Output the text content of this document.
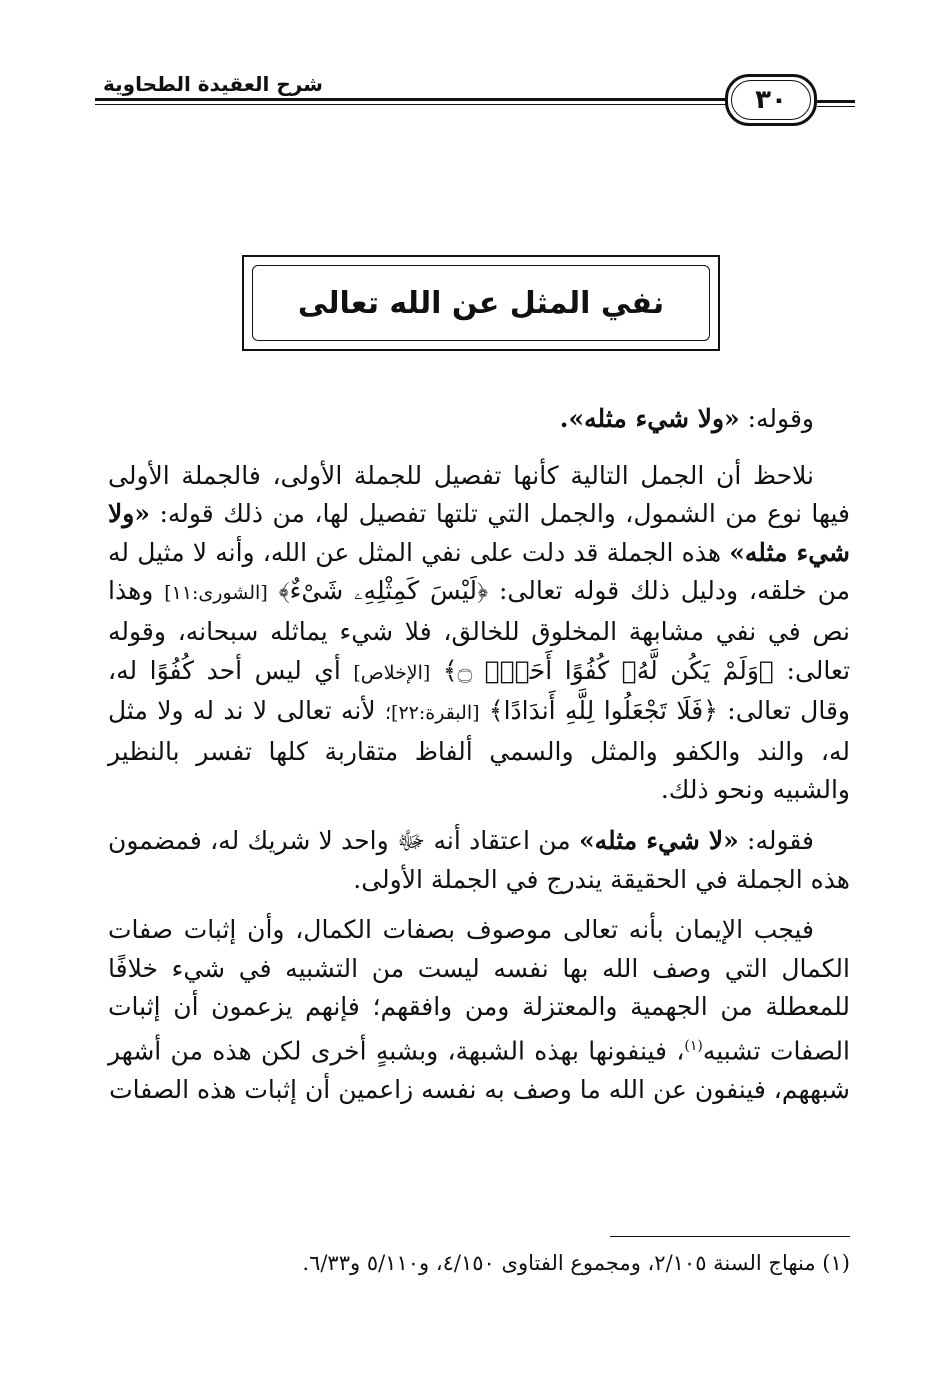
شرح العقيدة الطحاوية
٣٠
نفي المثل عن الله تعالى

وقوله: «ولا شيء مثله».

نلاحظ أن الجمل التالية كأنها تفصيل للجملة الأولى، فالجملة الأولى فيها نوع من الشمول، والجمل التي تلتها تفصيل لها، من ذلك قوله: «ولا شيء مثله» هذه الجملة قد دلت على نفي المثل عن الله، وأنه لا مثيل له من خلقه، ودليل ذلك قوله تعالى: ﴿لَيْسَ كَمِثْلِهِۦ شَىْءٌ﴾ [الشورى:١١] وهذا نص في نفي مشابهة المخلوق للخالق، فلا شيء يماثله سبحانه، وقوله تعالى: ﴿وَلَمْ يَكُن لَّهُۥ كُفُوًا أَحَدٌۢ ۝﴾ [الإخلاص] أي ليس أحد كُفُوًا له، وقال تعالى: ﴿فَلَا تَجْعَلُوا لِلَّهِ أَندَادًا﴾ [البقرة:٢٢]؛ لأنه تعالى لا ند له ولا مثل له، والند والكفو والمثل والسمي ألفاظ متقاربة كلها تفسر بالنظير والشبيه ونحو ذلك.

فقوله: «لا شيء مثله» من اعتقاد أنه ﷻ واحد لا شريك له، فمضمون هذه الجملة في الحقيقة يندرج في الجملة الأولى.

فيجب الإيمان بأنه تعالى موصوف بصفات الكمال، وأن إثبات صفات الكمال التي وصف الله بها نفسه ليست من التشبيه في شيء خلافًا للمعطلة من الجهمية والمعتزلة ومن وافقهم؛ فإنهم يزعمون أن إثبات الصفات تشبيه$^{(١)}$، فينفونها بهذه الشبهة، وبشبهٍ أخرى لكن هذه من أشهر شبههم، فينفون عن الله ما وصف به نفسه زاعمين أن إثبات هذه الصفات

(١) منهاج السنة ٢/١٠٥، ومجموع الفتاوى ٤/١٥٠، و٥/١١٠ و٦/٣٣.
